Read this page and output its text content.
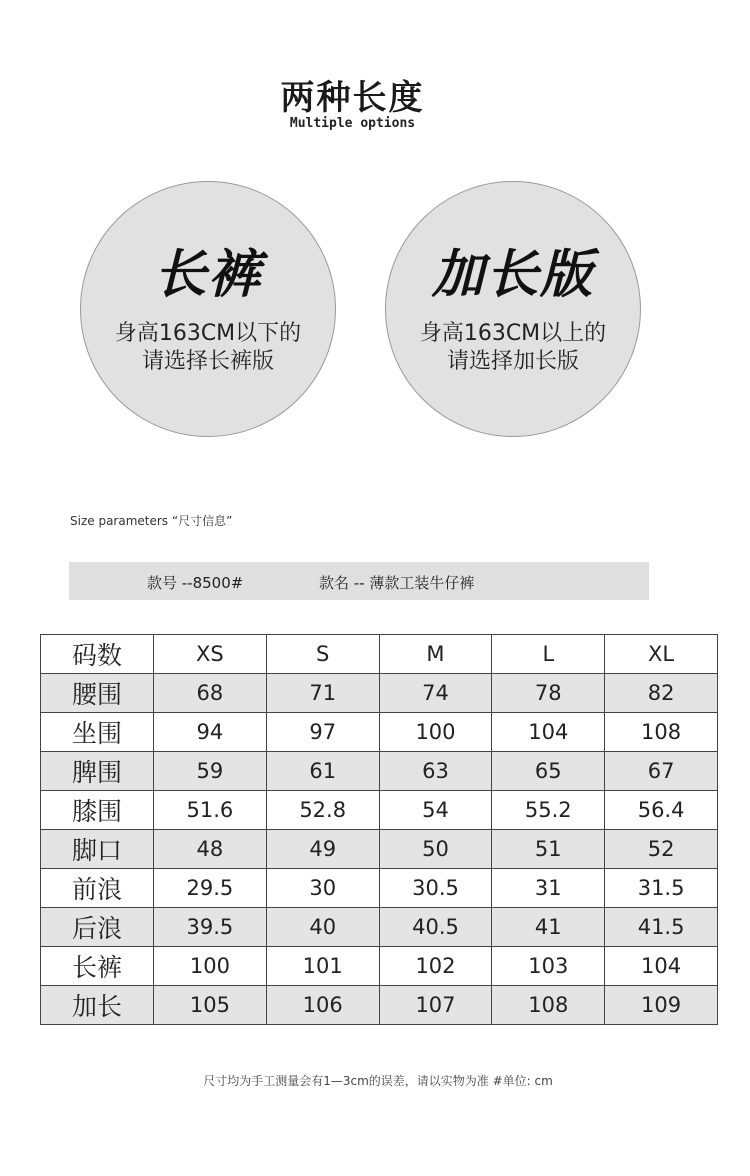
两种长度
Multiple options
长裤
身高163CM以下的
请选择长裤版
加长版
身高163CM以上的
请选择加长版
Size parameters “尺寸信息”
款号 --8500#	款名 -- 薄款工装牛仔裤
码数	XS	S	M	L	XL
腰围	68	71	74	78	82
坐围	94	97	100	104	108
脾围	59	61	63	65	67
膝围	51.6	52.8	54	55.2	56.4
脚口	48	49	50	51	52
前浪	29.5	30	30.5	31	31.5
后浪	39.5	40	40.5	41	41.5
长裤	100	101	102	103	104
加长	105	106	107	108	109
尺寸均为手工测量会有1—3cm的误差，请以实物为准 #单位: cm
